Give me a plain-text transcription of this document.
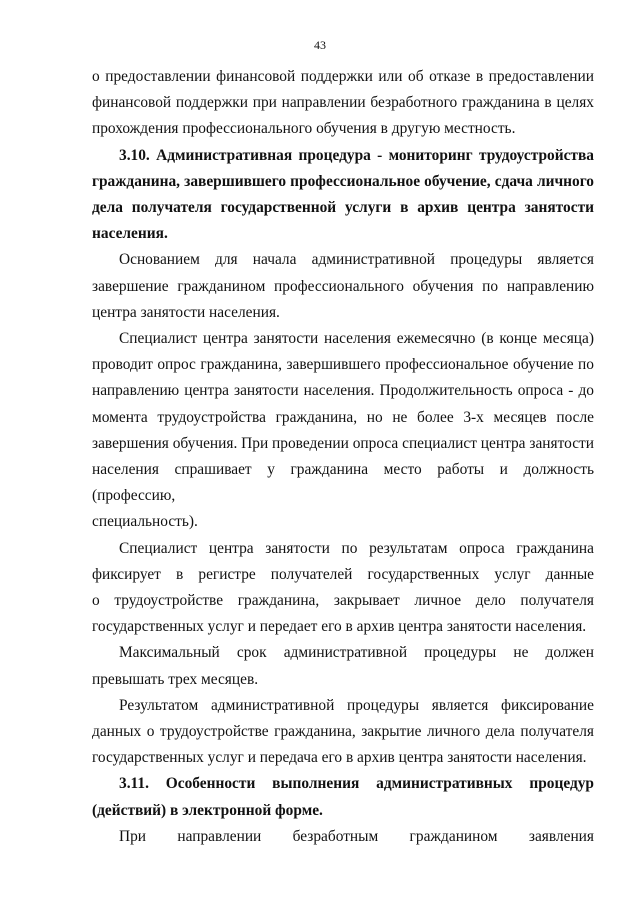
43

о предоставлении финансовой поддержки или об отказе в предоставлении
финансовой поддержки при направлении безработного гражданина в целях
прохождения профессионального обучения в другую местность.

3.10. Административная процедура - мониторинг трудоустройства
гражданина, завершившего профессиональное обучение, сдача личного
дела получателя государственной услуги в архив центра занятости
населения.

Основанием для начала административной процедуры является
завершение гражданином профессионального обучения по направлению
центра занятости населения.

Специалист центра занятости населения ежемесячно (в конце месяца)
проводит опрос гражданина, завершившего профессиональное обучение по
направлению центра занятости населения. Продолжительность опроса - до
момента трудоустройства гражданина, но не более 3-х месяцев после
завершения обучения. При проведении опроса специалист центра занятости
населения спрашивает у гражданина место работы и должность (профессию,
специальность).

Специалист центра занятости по результатам опроса гражданина
фиксирует в регистре получателей государственных услуг данные
о трудоустройстве гражданина, закрывает личное дело получателя
государственных услуг и передает его в архив центра занятости населения.

Максимальный срок административной процедуры не должен
превышать трех месяцев.

Результатом административной процедуры является фиксирование
данных о трудоустройстве гражданина, закрытие личного дела получателя
государственных услуг и передача его в архив центра занятости населения.

3.11. Особенности выполнения административных процедур
(действий) в электронной форме.

При направлении безработным гражданином заявления
